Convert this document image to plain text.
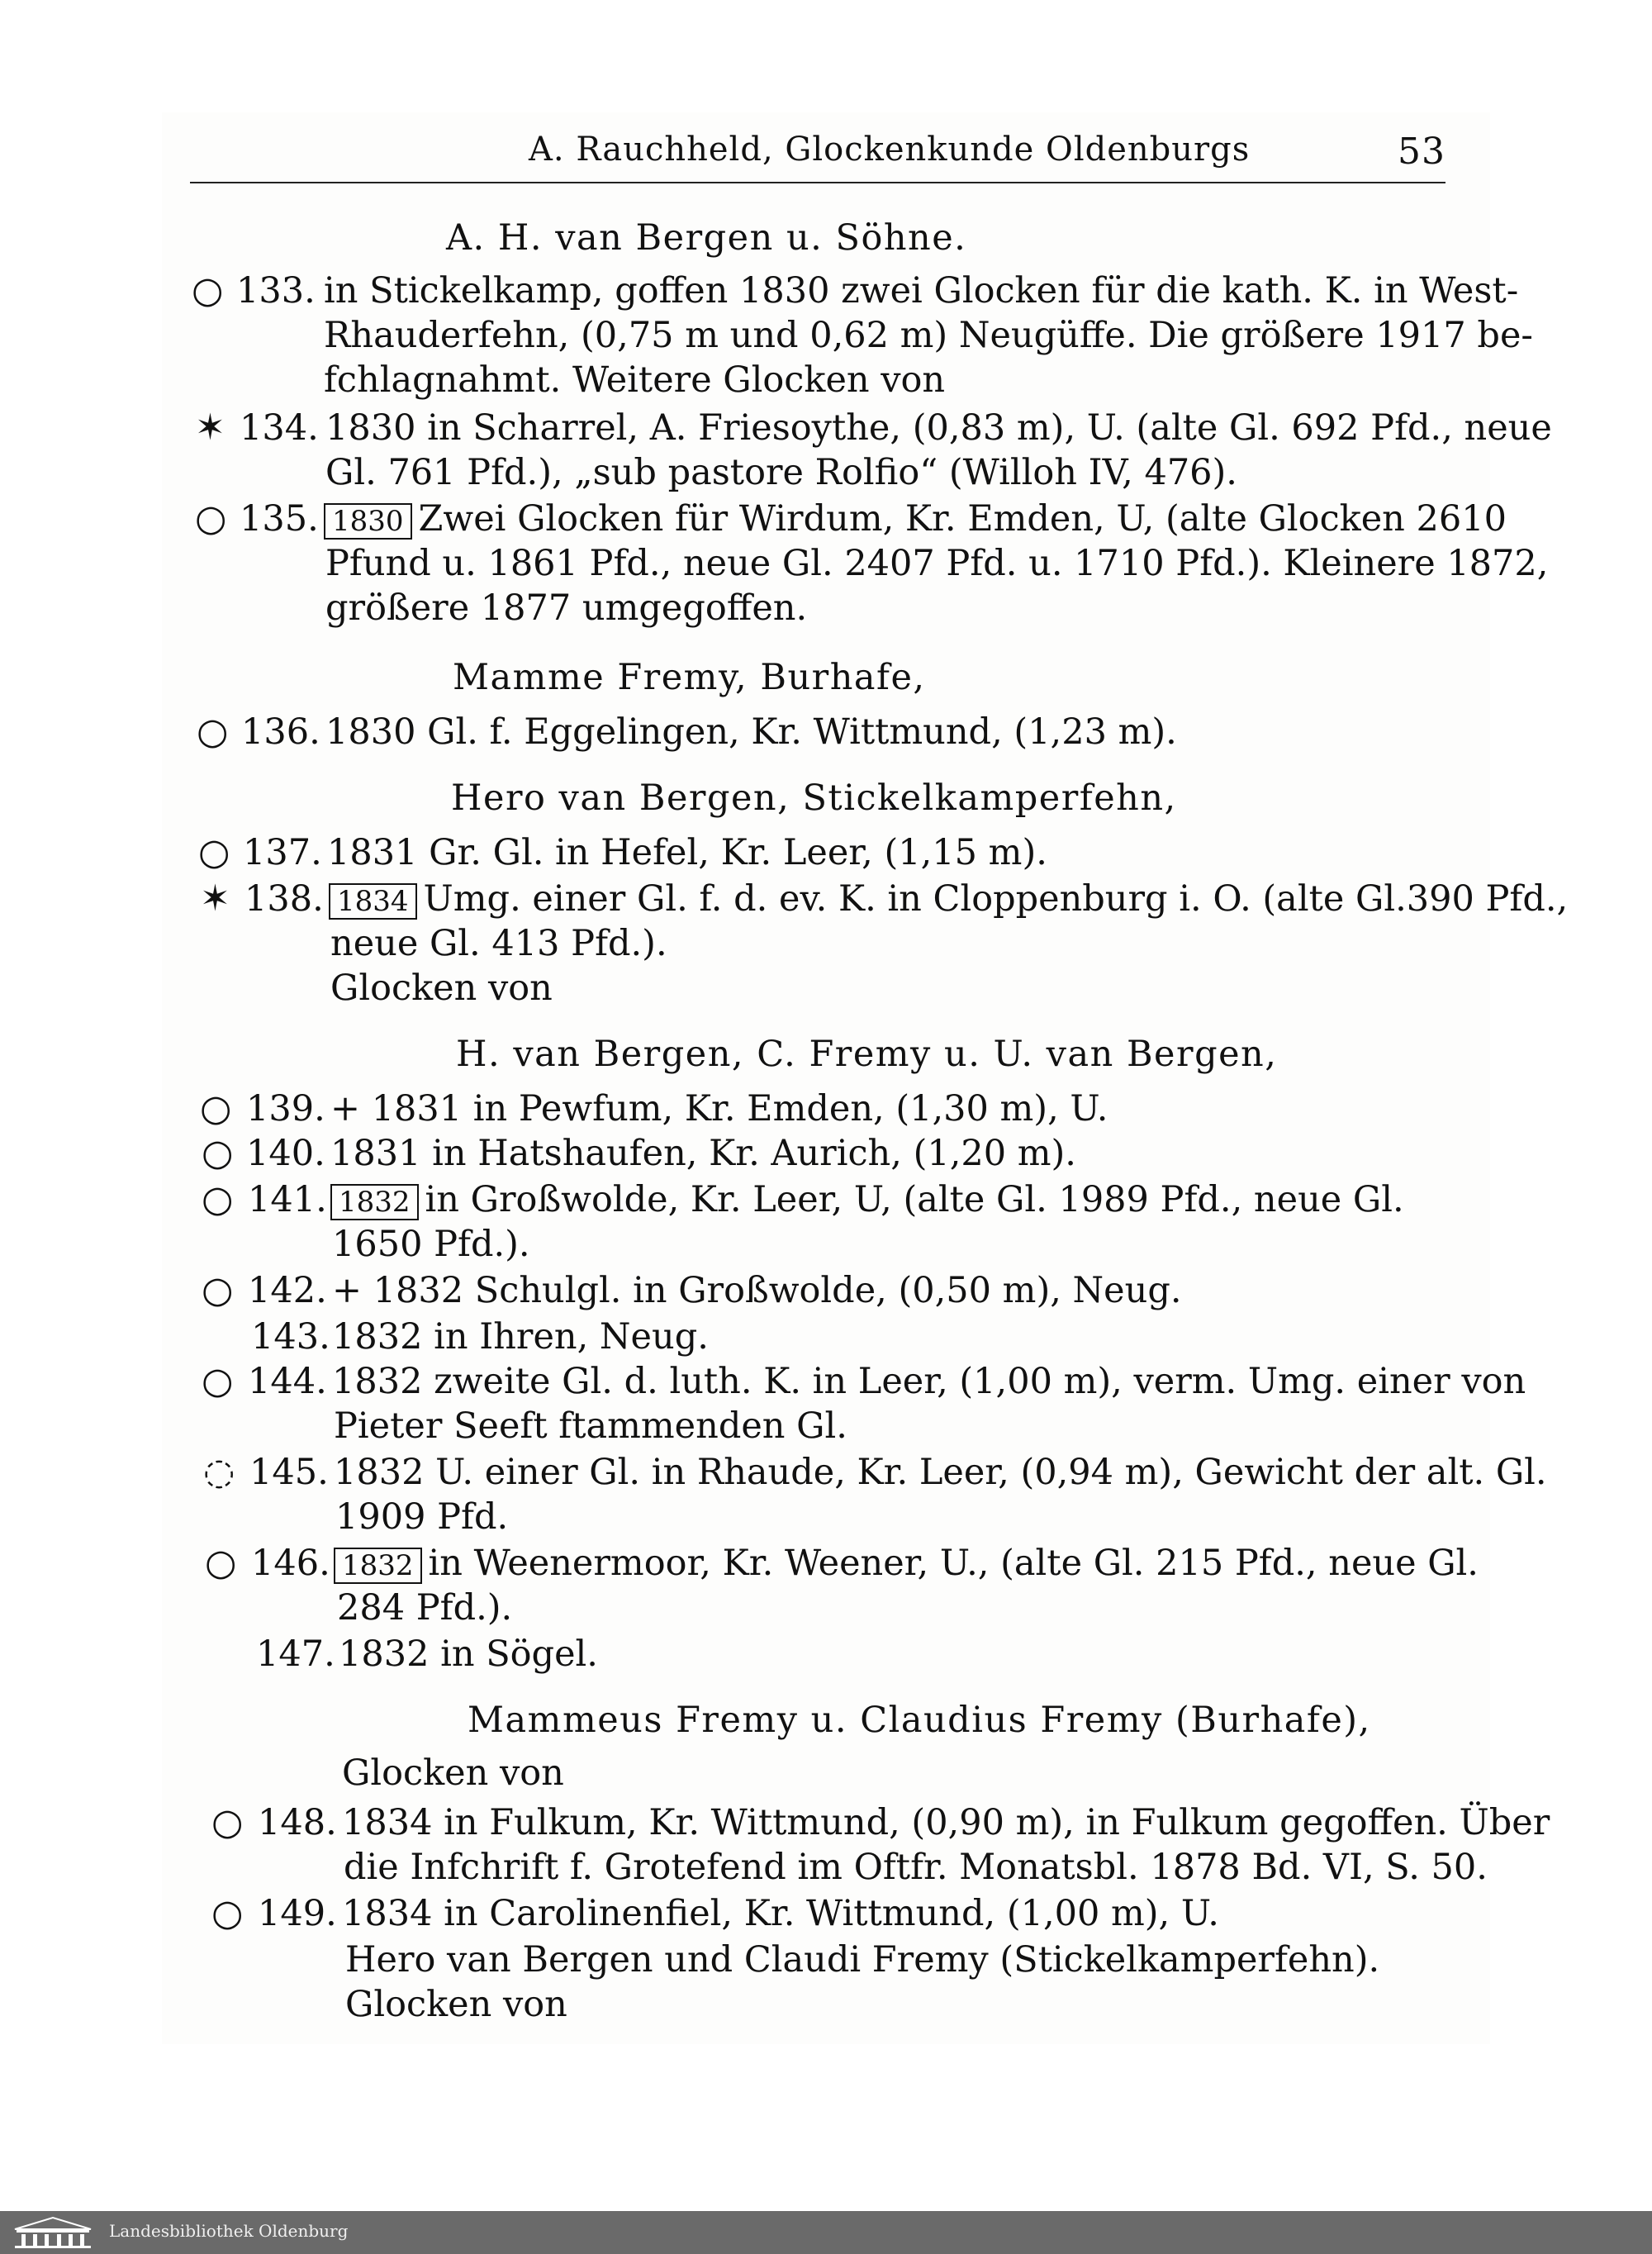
A. Rauchheld, Glockenkunde Oldenburgs	53
A. H. van Bergen u. Söhne.
○ 133. in Stickelkamp, goffen 1830 zwei Glocken für die kath. K. in West-
Rhauderfehn, (0,75 m und 0,62 m) Neugüffe. Die größere 1917 be-
fchlagnahmt. Weitere Glocken von
✶ 134. 1830 in Scharrel, A. Friesoythe, (0,83 m), U. (alte Gl. 692 Pfd., neue
Gl. 761 Pfd.), „sub pastore Rolfio“ (Willoh IV, 476).
○ 135. 1830 Zwei Glocken für Wirdum, Kr. Emden, U, (alte Glocken 2610
Pfund u. 1861 Pfd., neue Gl. 2407 Pfd. u. 1710 Pfd.). Kleinere 1872,
größere 1877 umgegoffen.
Mamme Fremy, Burhafe,
○ 136. 1830 Gl. f. Eggelingen, Kr. Wittmund, (1,23 m).
Hero van Bergen, Stickelkamperfehn,
○ 137. 1831 Gr. Gl. in Hefel, Kr. Leer, (1,15 m).
✶ 138. 1834 Umg. einer Gl. f. d. ev. K. in Cloppenburg i. O. (alte Gl.390 Pfd.,
neue Gl. 413 Pfd.).
Glocken von
H. van Bergen, C. Fremy u. U. van Bergen,
○ 139. + 1831 in Pewfum, Kr. Emden, (1,30 m), U.
○ 140. 1831 in Hatshaufen, Kr. Aurich, (1,20 m).
○ 141. 1832 in Großwolde, Kr. Leer, U, (alte Gl. 1989 Pfd., neue Gl.
1650 Pfd.).
○ 142. + 1832 Schulgl. in Großwolde, (0,50 m), Neug.
143. 1832 in Ihren, Neug.
○ 144. 1832 zweite Gl. d. luth. K. in Leer, (1,00 m), verm. Umg. einer von
Pieter Seeft ftammenden Gl.
◌ 145. 1832 U. einer Gl. in Rhaude, Kr. Leer, (0,94 m), Gewicht der alt. Gl.
1909 Pfd.
○ 146. 1832 in Weenermoor, Kr. Weener, U., (alte Gl. 215 Pfd., neue Gl.
284 Pfd.).
147. 1832 in Sögel.
Mammeus Fremy u. Claudius Fremy (Burhafe),
Glocken von
○ 148. 1834 in Fulkum, Kr. Wittmund, (0,90 m), in Fulkum gegoffen. Über
die Infchrift f. Grotefend im Oftfr. Monatsbl. 1878 Bd. VI, S. 50.
○ 149. 1834 in Carolinenfiel, Kr. Wittmund, (1,00 m), U.
Hero van Bergen und Claudi Fremy (Stickelkamperfehn).
Glocken von
Landesbibliothek Oldenburg
